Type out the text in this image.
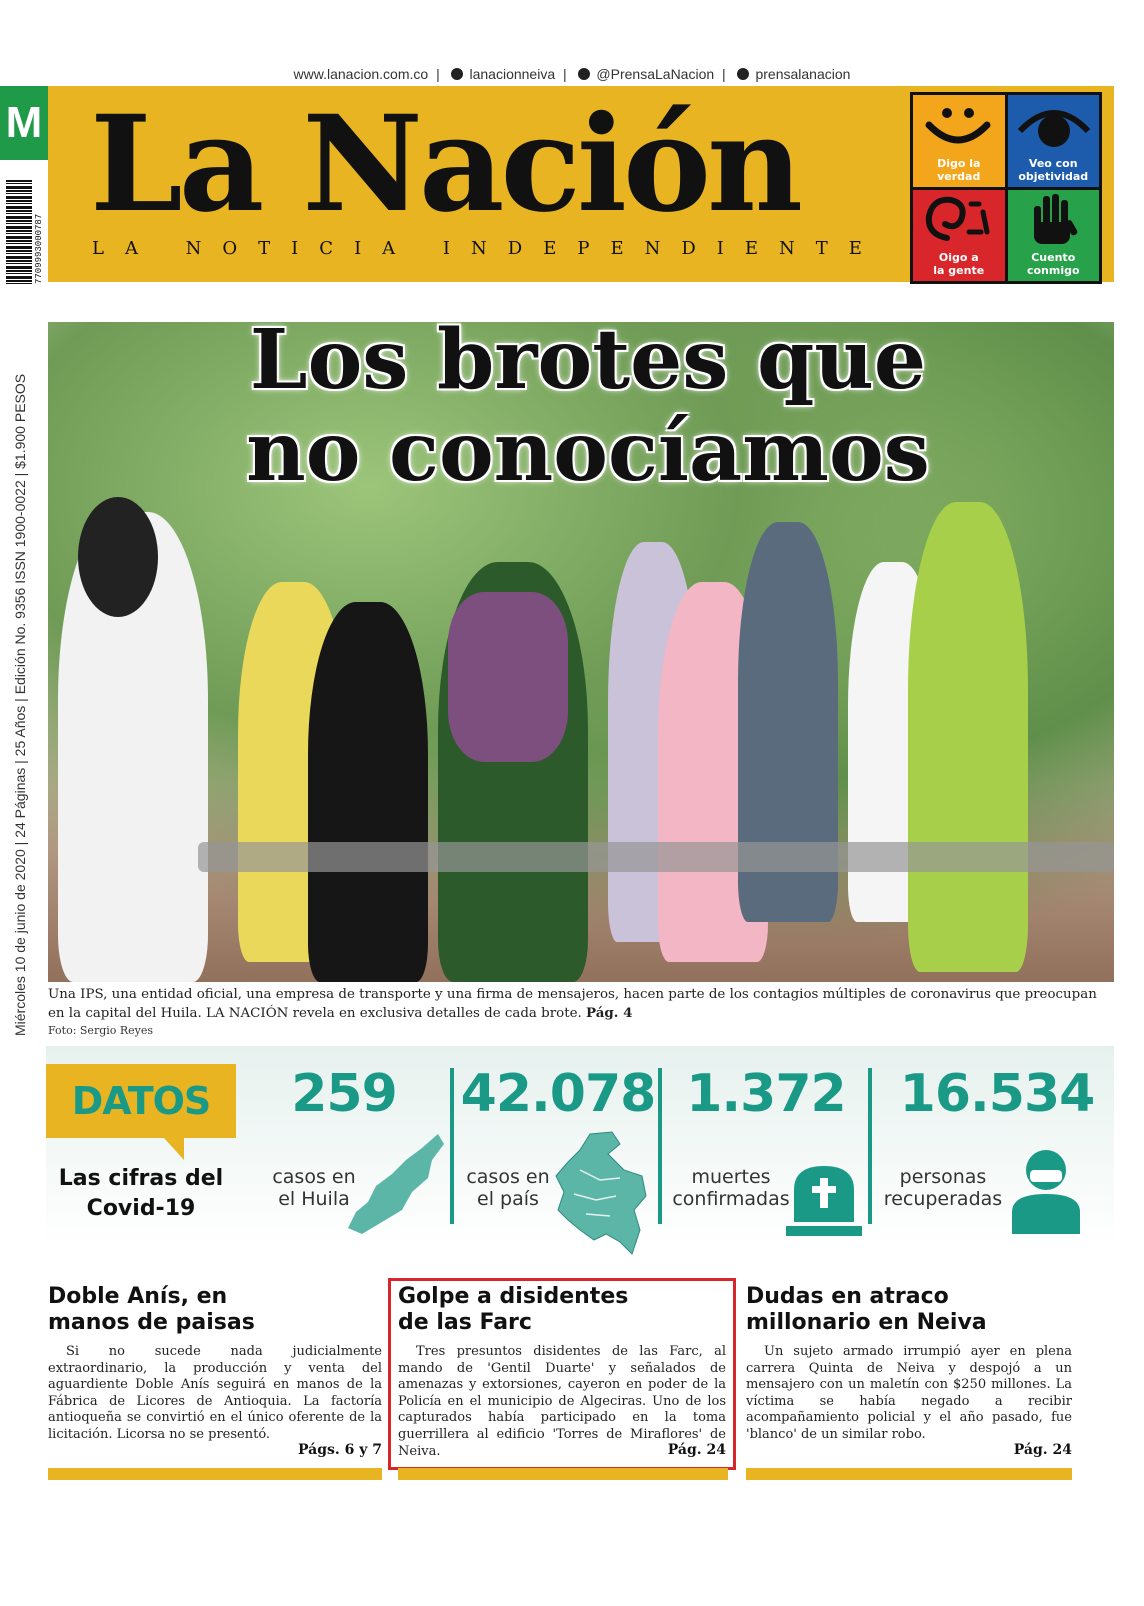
www.lanacion.com.co | lanacionneiva | @PrensaLaNacion | prensalanacion
M
7709993000787
Miércoles 10 de junio de 2020 | 24 Páginas | 25 Años | Edición No. 9356 ISSN 1900-0022 | $1.900 PESOS
La Nación
LA NOTICIA INDEPENDIENTE
Digo la
verdad
Veo con
objetividad
Oigo a
la gente
Cuento
conmigo
Los brotes que
no conocíamos
Una IPS, una entidad oficial, una empresa de transporte y una firma de mensajeros, hacen parte de los contagios múltiples de coronavirus que preocupan en la capital del Huila. LA NACIÓN revela en exclusiva detalles de cada brote. Pág. 4
Foto: Sergio Reyes
DATOS
Las cifras del
Covid-19
259
casos en
el Huila
42.078
casos en
el país
1.372
muertes
confirmadas
16.534
personas
recuperadas
Doble Anís, en
manos de paisas

Si no sucede nada judicialmente extraordinario, la producción y venta del aguardiente Doble Anís seguirá en manos de la Fábrica de Licores de Antioquia. La factoría antioqueña se convirtió en el único oferente de la licitación. Licorsa no se presentó.

Págs. 6 y 7
Golpe a disidentes
de las Farc

Tres presuntos disidentes de las Farc, al mando de 'Gentil Duarte' y señalados de amenazas y extorsiones, cayeron en poder de la Policía en el municipio de Algeciras. Uno de los capturados había participado en la toma guerrillera al edificio 'Torres de Miraflores' de Neiva.	Pág. 24
Dudas en atraco
millonario en Neiva

Un sujeto armado irrumpió ayer en plena carrera Quinta de Neiva y despojó a un mensajero con un maletín con $250 millones. La víctima se había negado a recibir acompañamiento policial y el año pasado, fue 'blanco' de un similar robo.

Pág. 24
